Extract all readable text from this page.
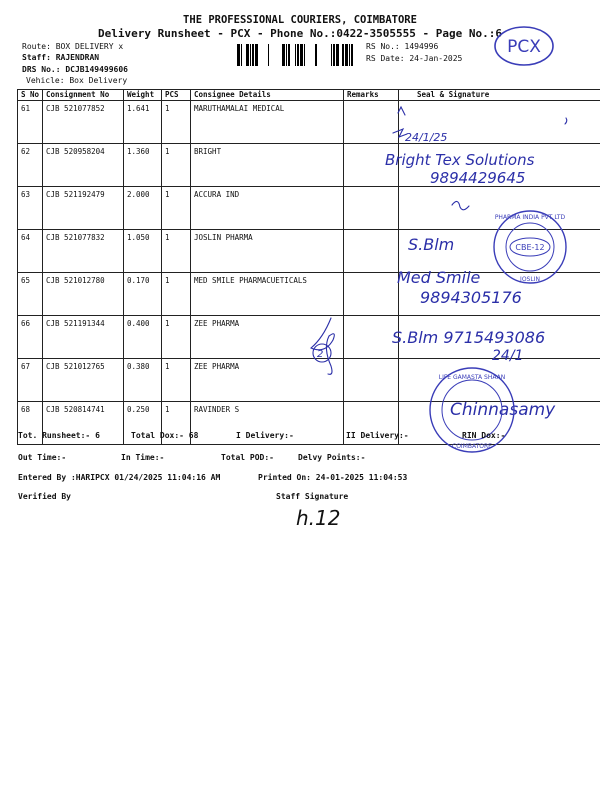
THE PROFESSIONAL COURIERS, COIMBATORE
Delivery Runsheet - PCX - Phone No.:0422-3505555 - Page No.:6
Route: BOX DELIVERY x
Staff: RAJENDRAN
DRS No.: DCJB149499606
Vehicle: Box Delivery
RS No.: 1494996
RS Date: 24-Jan-2025
PCX
S No	Consignment No	Weight	PCS	Consignee Details	Remarks	Seal & Signature
61	CJB 521077852	1.641	1	MARUTHAMALAI MEDICAL		
62	CJB 520958204	1.360	1	BRIGHT		
63	CJB 521192479	2.000	1	ACCURA IND		
64	CJB 521077832	1.050	1	JOSLIN PHARMA		
65	CJB 521012780	0.170	1	MED SMILE PHARMACUETICALS		
66	CJB 521191344	0.400	1	ZEE PHARMA		
67	CJB 521012765	0.380	1	ZEE PHARMA		
68	CJB 520814741	0.250	1	RAVINDER S		
24/1/25
Bright Tex Solutions
9894429645
S.Blm
Med Smile
9894305176
S.Blm 9715493086
24/1
2
Chinnasamy
CBE-12
PHARMA INDIA PVT LTD
JOSLIN
LIFE GAMASTA SHAAN
COIMBATORE
h.12
Tot. Runsheet:- 6	Total Dox:- 68	I Delivery:-	II Delivery:-	RIN Dox:-
Out Time:-	In Time:-	Total POD:-	Delvy Points:-
Entered By :HARIPCX 01/24/2025 11:04:16 AM	Printed On: 24-01-2025 11:04:53
Verified By	Staff Signature
